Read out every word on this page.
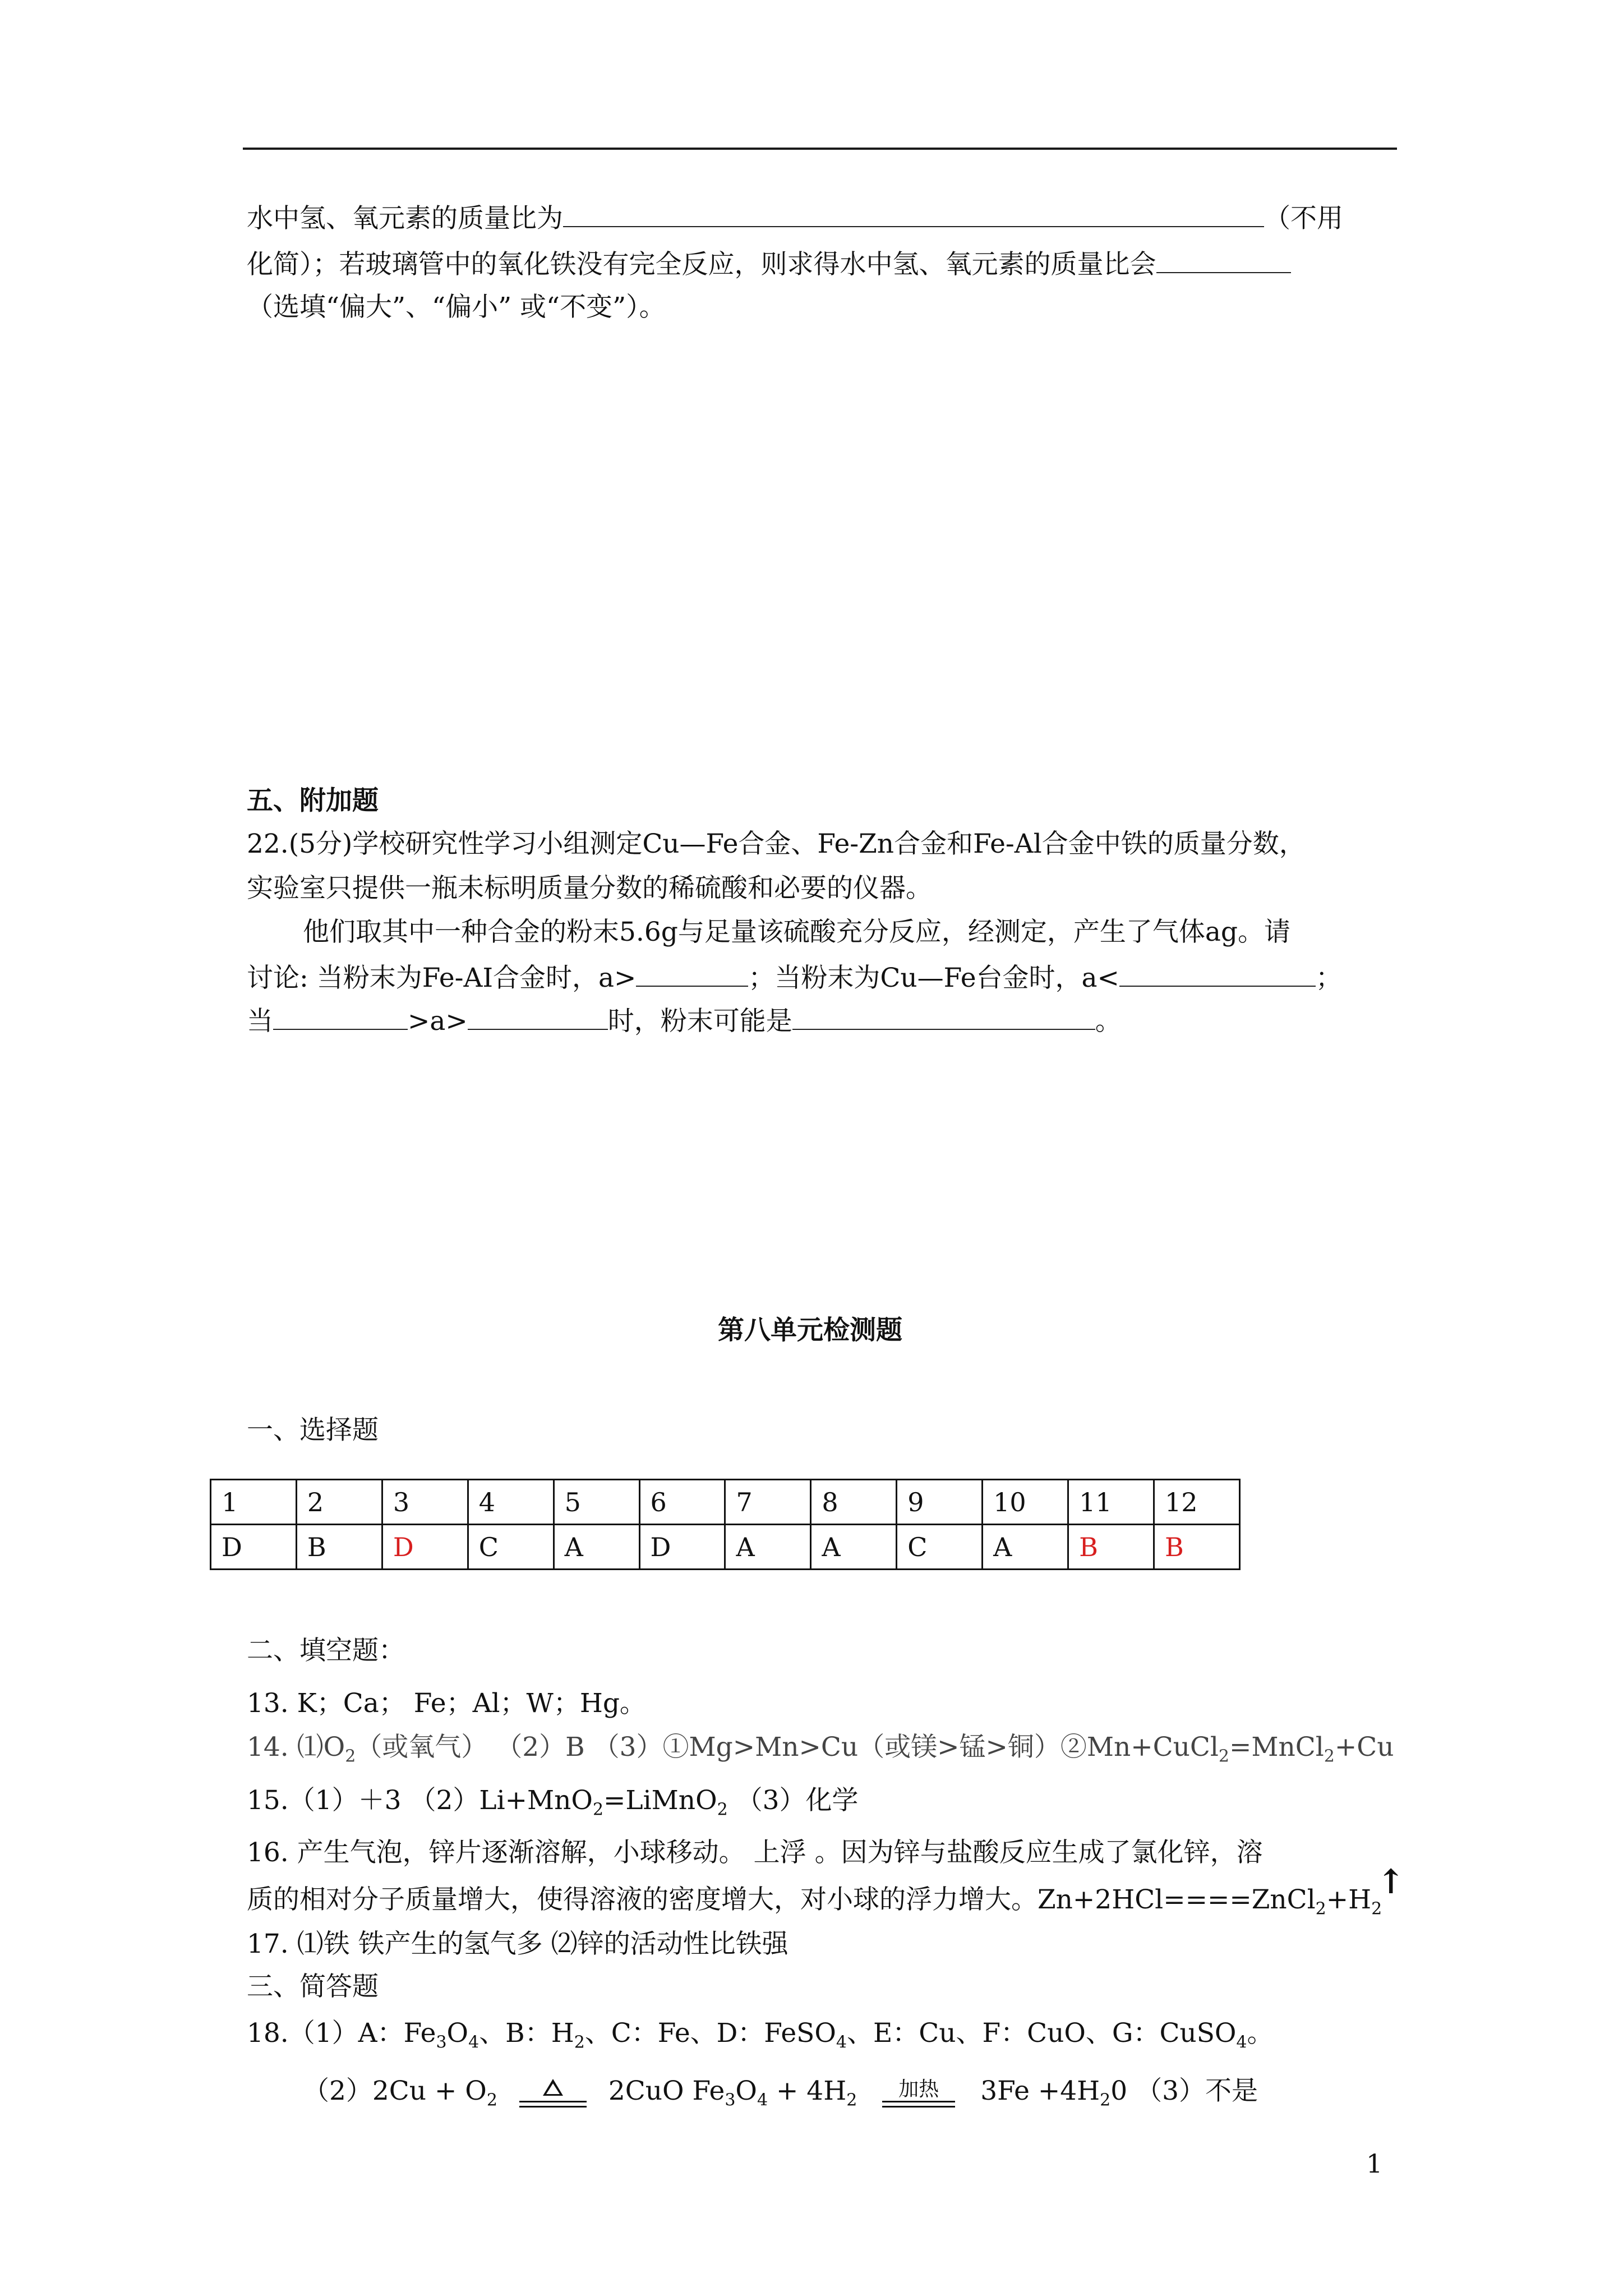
水中氢、氧元素的质量比为	（不用
化简）；若玻璃管中的氧化铁没有完全反应，则求得水中氢、氧元素的质量比会
（选填“偏大”、“偏小” 或“不变”）。
五、附加题
22.(5分)学校研究性学习小组测定Cu—Fe合金、Fe-Zn合金和Fe-Al合金中铁的质量分数，
实验室只提供一瓶未标明质量分数的稀硫酸和必要的仪器。
他们取其中一种合金的粉末5.6g与足量该硫酸充分反应，经测定，产生了气体ag。请
讨论: 当粉末为Fe-AI合金时，a>	；当粉末为Cu—Fe台金时，a<	；
当	>a>	时，粉末可能是	。
第八单元检测题
一、选择题
1	2	3	4	5	6	7	8	9	10	11	12
D	B	D	C	A	D	A	A	C	A	B	B
二、填空题：
13. K；Ca； Fe；Al；W；Hg。
14. $⑴O_2$（或氧气） （2）B （3）①Mg>Mn>Cu（或镁>锰>铜）②Mn+CuCl$_2$=MnCl$_2$+Cu
15.（1）＋3 （2）Li+MnO$_2$=LiMnO$_2$ （3）化学
16. 产生气泡，锌片逐渐溶解，小球移动。 上浮 。因为锌与盐酸反应生成了氯化锌，溶
质的相对分子质量增大，使得溶液的密度增大，对小球的浮力增大。$Zn+2HCl====ZnCl_2+H_2$
↑
17. ⑴铁 铁产生的氢气多 ⑵锌的活动性比铁强
三、简答题
18.（1）A：$Fe_3O_4$、B：$H_2$、C：Fe、D：FeSO$_4$、E：Cu、F：CuO、G：CuSO$_4$。
$(2)2Cu + O_2$	2CuO $Fe_3O_4 + 4H_2$	加热	$3Fe +4H_20$ （3）不是
1
